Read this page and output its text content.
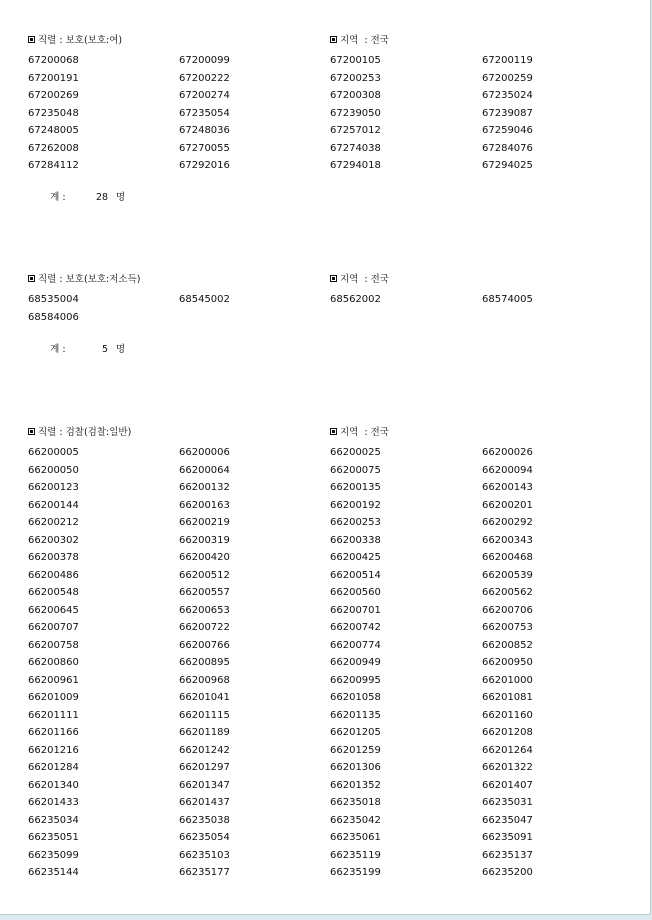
직렬 : 보호(보호:여)	지역  : 전국
67200068	67200099	67200105	67200119
67200191	67200222	67200253	67200259
67200269	67200274	67200308	67235024
67235048	67235054	67239050	67239087
67248005	67248036	67257012	67259046
67262008	67270055	67274038	67284076
67284112	67292016	67294018	67294025

계 :	28 명

직렬 : 보호(보호:저소득)	지역  : 전국
68535004	68545002	68562002	68574005
68584006

계 :	5 명

직렬 : 검찰(검찰:일반)	지역  : 전국
66200005	66200006	66200025	66200026
66200050	66200064	66200075	66200094
66200123	66200132	66200135	66200143
66200144	66200163	66200192	66200201
66200212	66200219	66200253	66200292
66200302	66200319	66200338	66200343
66200378	66200420	66200425	66200468
66200486	66200512	66200514	66200539
66200548	66200557	66200560	66200562
66200645	66200653	66200701	66200706
66200707	66200722	66200742	66200753
66200758	66200766	66200774	66200852
66200860	66200895	66200949	66200950
66200961	66200968	66200995	66201000
66201009	66201041	66201058	66201081
66201111	66201115	66201135	66201160
66201166	66201189	66201205	66201208
66201216	66201242	66201259	66201264
66201284	66201297	66201306	66201322
66201340	66201347	66201352	66201407
66201433	66201437	66235018	66235031
66235034	66235038	66235042	66235047
66235051	66235054	66235061	66235091
66235099	66235103	66235119	66235137
66235144	66235177	66235199	66235200
